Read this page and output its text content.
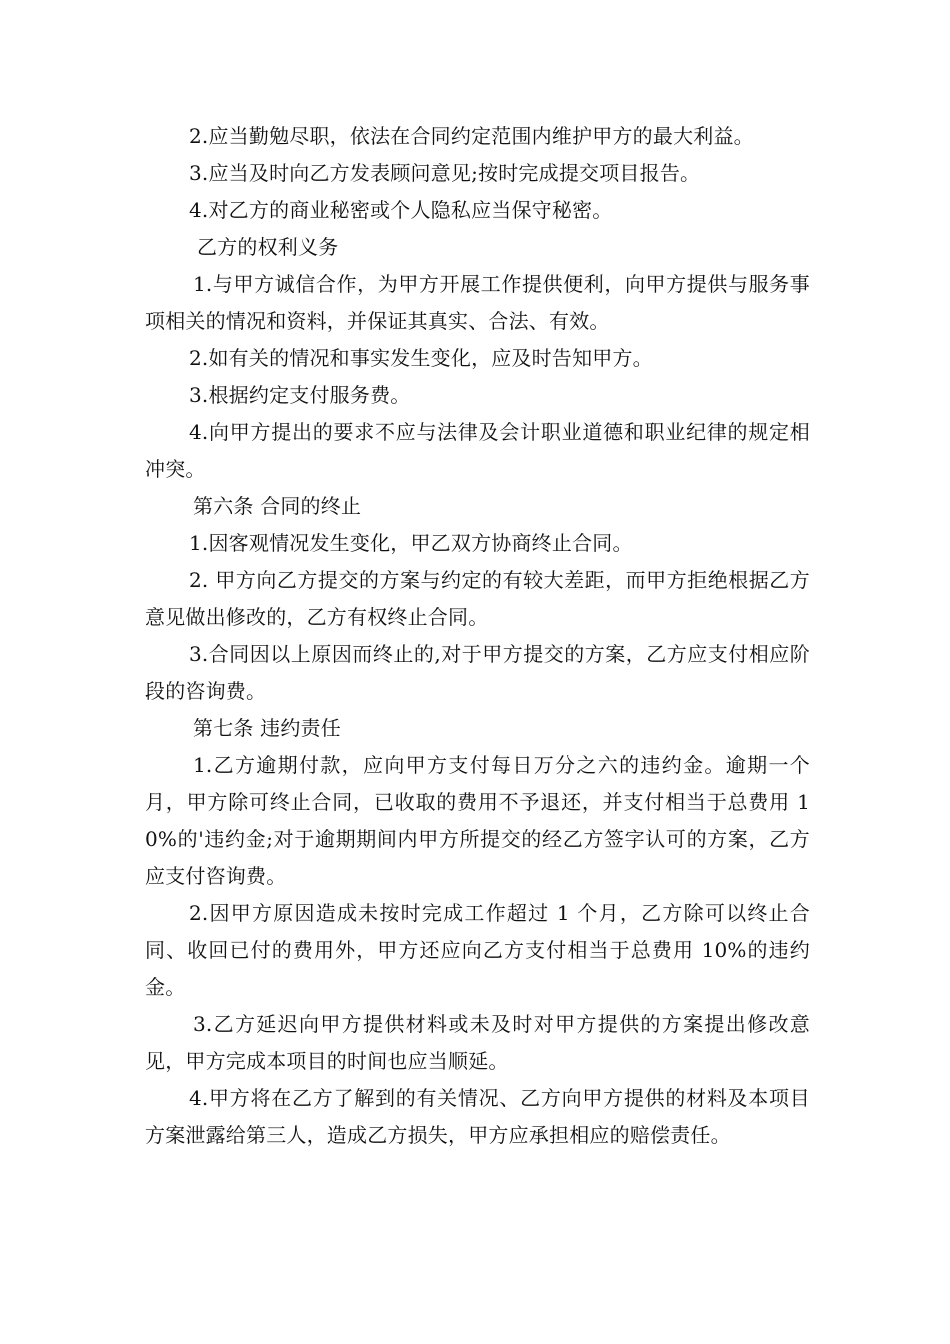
2.应当勤勉尽职，依法在合同约定范围内维护甲方的最大利益。

3.应当及时向乙方发表顾问意见;按时完成提交项目报告。

4.对乙方的商业秘密或个人隐私应当保守秘密。

乙方的权利义务

1.与甲方诚信合作，为甲方开展工作提供便利，向甲方提供与服务事项相关的情况和资料，并保证其真实、合法、有效。

2.如有关的情况和事实发生变化，应及时告知甲方。

3.根据约定支付服务费。

4.向甲方提出的要求不应与法律及会计职业道德和职业纪律的规定相冲突。

第六条 合同的终止

1.因客观情况发生变化，甲乙双方协商终止合同。

2. 甲方向乙方提交的方案与约定的有较大差距，而甲方拒绝根据乙方意见做出修改的，乙方有权终止合同。

3.合同因以上原因而终止的,对于甲方提交的方案，乙方应支付相应阶段的咨询费。

第七条 违约责任

1.乙方逾期付款，应向甲方支付每日万分之六的违约金。逾期一个月，甲方除可终止合同，已收取的费用不予退还，并支付相当于总费用 10%的'违约金;对于逾期期间内甲方所提交的经乙方签字认可的方案，乙方应支付咨询费。

2.因甲方原因造成未按时完成工作超过 1 个月，乙方除可以终止合同、收回已付的费用外，甲方还应向乙方支付相当于总费用 10%的违约金。

3.乙方延迟向甲方提供材料或未及时对甲方提供的方案提出修改意见，甲方完成本项目的时间也应当顺延。

4.甲方将在乙方了解到的有关情况、乙方向甲方提供的材料及本项目方案泄露给第三人，造成乙方损失，甲方应承担相应的赔偿责任。
